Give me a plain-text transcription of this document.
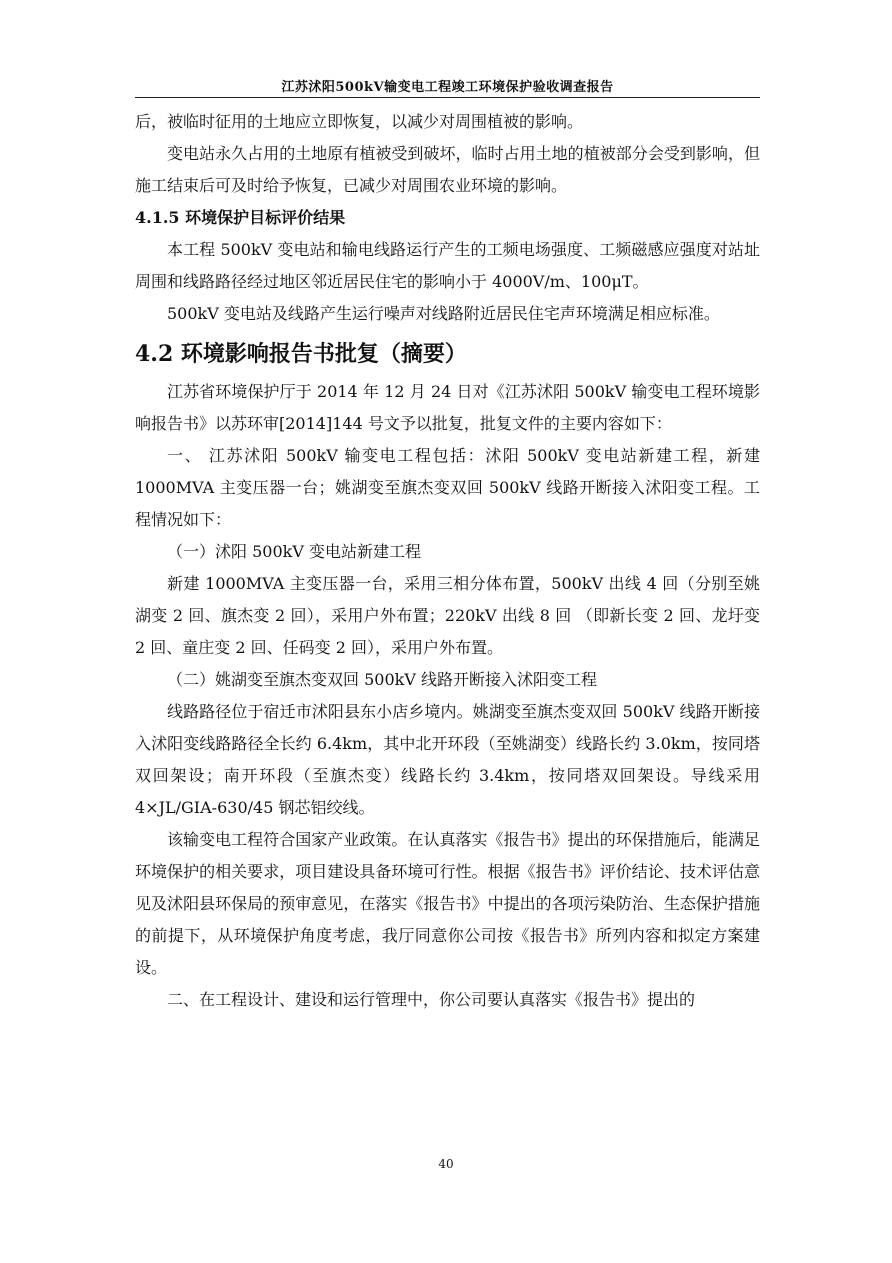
江苏沭阳500kV输变电工程竣工环境保护验收调查报告

后，被临时征用的土地应立即恢复，以减少对周围植被的影响。

变电站永久占用的土地原有植被受到破坏，临时占用土地的植被部分会受到影响，但施工结束后可及时给予恢复，已减少对周围农业环境的影响。

4.1.5 环境保护目标评价结果

本工程 500kV 变电站和输电线路运行产生的工频电场强度、工频磁感应强度对站址周围和线路路径经过地区邻近居民住宅的影响小于 4000V/m、100μT。

500kV 变电站及线路产生运行噪声对线路附近居民住宅声环境满足相应标准。

4.2 环境影响报告书批复（摘要）

江苏省环境保护厅于 2014 年 12 月 24 日对《江苏沭阳 500kV 输变电工程环境影响报告书》以苏环审[2014]144 号文予以批复，批复文件的主要内容如下：

一、 江苏沭阳 500kV 输变电工程包括：沭阳 500kV 变电站新建工程，新建 1000MVA 主变压器一台；姚湖变至旗杰变双回 500kV 线路开断接入沭阳变工程。工程情况如下：

（一）沭阳 500kV 变电站新建工程

新建 1000MVA 主变压器一台，采用三相分体布置，500kV 出线 4 回（分别至姚湖变 2 回、旗杰变 2 回），采用户外布置；220kV 出线 8 回 （即新长变 2 回、龙圩变 2 回、童庄变 2 回、任码变 2 回），采用户外布置。

（二）姚湖变至旗杰变双回 500kV 线路开断接入沭阳变工程

线路路径位于宿迁市沭阳县东小店乡境内。姚湖变至旗杰变双回 500kV 线路开断接入沭阳变线路路径全长约 6.4km，其中北开环段（至姚湖变）线路长约 3.0km，按同塔双回架设；南开环段（至旗杰变）线路长约 3.4km，按同塔双回架设。导线采用 4×JL/GIA-630/45 钢芯铝绞线。

该输变电工程符合国家产业政策。在认真落实《报告书》提出的环保措施后，能满足环境保护的相关要求，项目建设具备环境可行性。根据《报告书》评价结论、技术评估意见及沭阳县环保局的预审意见，在落实《报告书》中提出的各项污染防治、生态保护措施的前提下，从环境保护角度考虑，我厅同意你公司按《报告书》所列内容和拟定方案建设。

二、在工程设计、建设和运行管理中，你公司要认真落实《报告书》提出的

40
